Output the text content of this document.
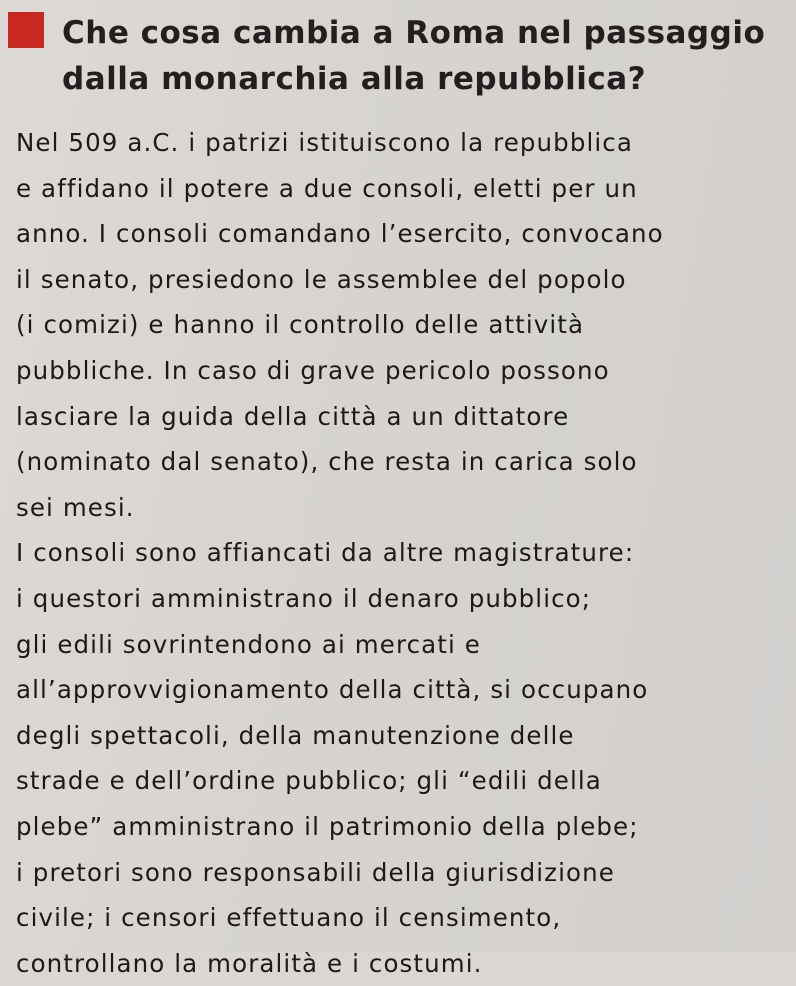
Che cosa cambia a Roma nel passaggio
dalla monarchia alla repubblica?
Nel 509 a.C. i patrizi istituiscono la repubblica
e affidano il potere a due consoli, eletti per un
anno. I consoli comandano l’esercito, convocano
il senato, presiedono le assemblee del popolo
(i comizi) e hanno il controllo delle attività
pubbliche. In caso di grave pericolo possono
lasciare la guida della città a un dittatore
(nominato dal senato), che resta in carica solo
sei mesi.
I consoli sono affiancati da altre magistrature:
i questori amministrano il denaro pubblico;
gli edili sovrintendono ai mercati e
all’approvvigionamento della città, si occupano
degli spettacoli, della manutenzione delle
strade e dell’ordine pubblico; gli “edili della
plebe” amministrano il patrimonio della plebe;
i pretori sono responsabili della giurisdizione
civile; i censori effettuano il censimento,
controllano la moralità e i costumi.
